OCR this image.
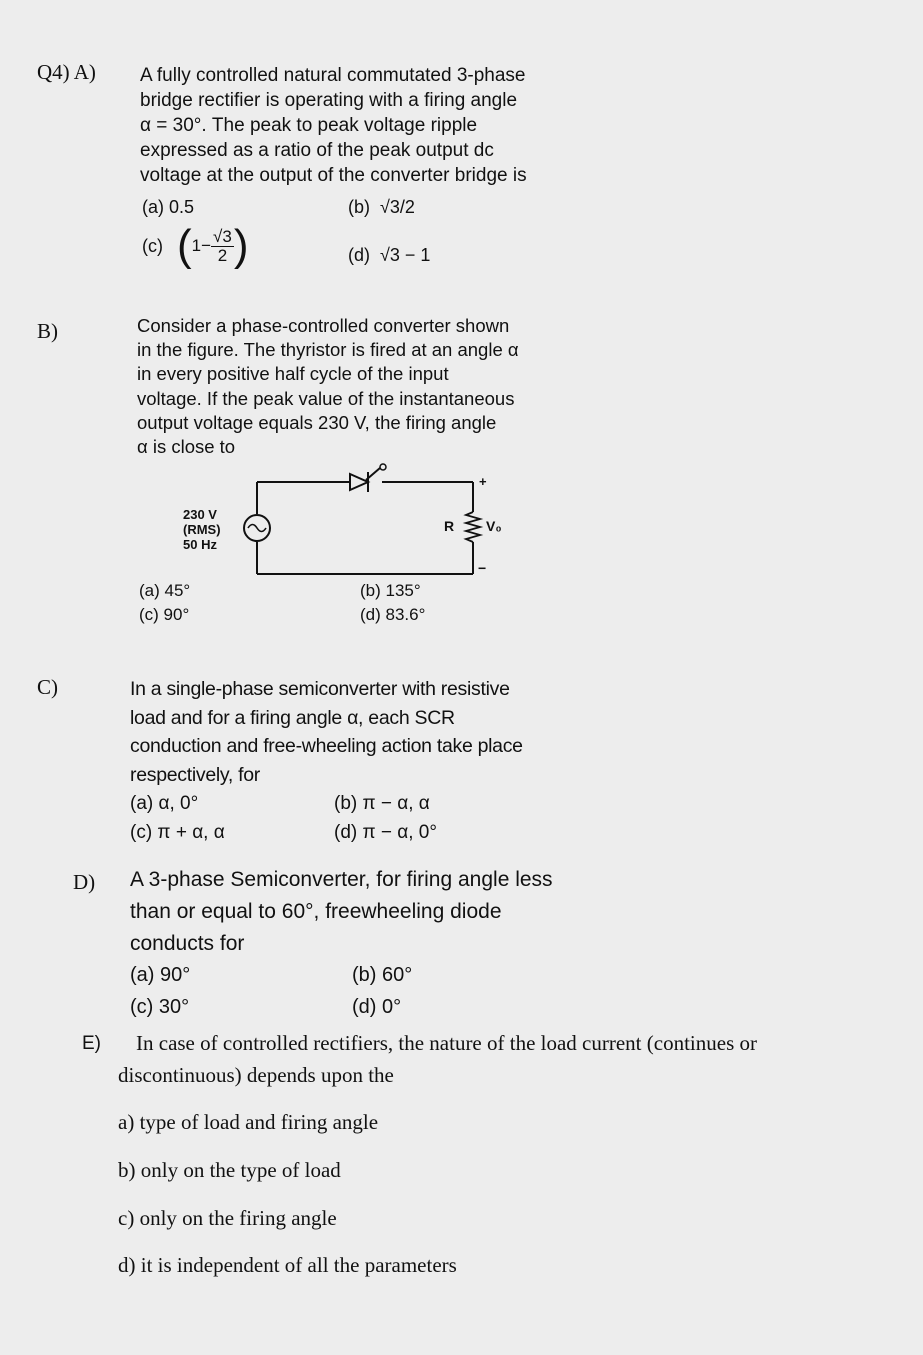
Q4) A) A fully controlled natural commutated 3-phase
bridge rectifier is operating with a firing angle
α = 30°. The peak to peak voltage ripple
expressed as a ratio of the peak output dc
voltage at the output of the converter bridge is
(a) 0.5	(b) √3/2
(c) ( $1- \frac{√3}{2}$ )	(d) √3 − 1
B)	Consider a phase-controlled converter shown
in the figure. The thyristor is fired at an angle α
in every positive half cycle of the input
voltage. If the peak value of the instantaneous
output voltage equals 230 V, the firing angle
α is close to
230 V
(RMS)
50 Hz
R V₀
+
−
(a) 45°	(b) 135°
(c) 90°	(d) 83.6°
C)	In a single-phase semiconverter with resistive
load and for a firing angle α, each SCR
conduction and free-wheeling action take place
respectively, for
(a) α, 0°	(b) π − α, α
(c) π + α, α	(d) π − α, 0°
D) A 3-phase Semiconverter, for firing angle less
than or equal to 60°, freewheeling diode
conducts for
(a) 90°	(b) 60°
(c) 30°	(d) 0°
E) In case of controlled rectifiers, the nature of the load current (continues or
discontinuous) depends upon the
a) type of load and firing angle
b) only on the type of load
c) only on the firing angle
d) it is independent of all the parameters
